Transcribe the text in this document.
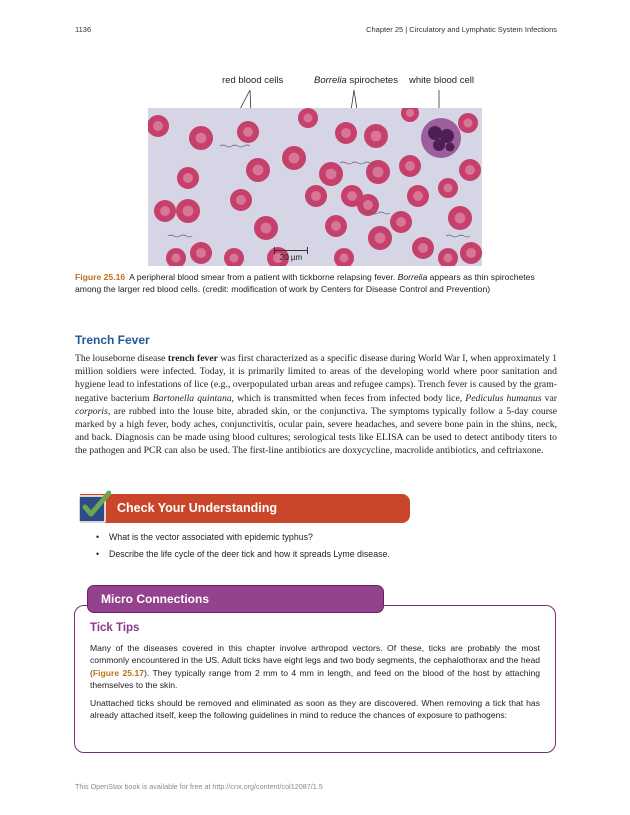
1136	Chapter 25 | Circulatory and Lymphatic System Infections
red blood cells	Borrelia spirochetes white blood cell
20 µm

Figure 25.16 A peripheral blood smear from a patient with tickborne relapsing fever. Borrelia appears as thin spirochetes among the larger red blood cells. (credit: modification of work by Centers for Disease Control and Prevention)

Trench Fever

The louseborne disease trench fever was first characterized as a specific disease during World War I, when approximately 1 million soldiers were infected. Today, it is primarily limited to areas of the developing world where poor sanitation and hygiene lead to infestations of lice (e.g., overpopulated urban areas and refugee camps). Trench fever is caused by the gram-negative bacterium Bartonella quintana, which is transmitted when feces from infected body lice, Pediculus humanus var corporis, are rubbed into the louse bite, abraded skin, or the conjunctiva. The symptoms typically follow a 5-day course marked by a high fever, body aches, conjunctivitis, ocular pain, severe headaches, and severe bone pain in the shins, neck, and back. Diagnosis can be made using blood cultures; serological tests like ELISA can be used to detect antibody titers to the pathogen and PCR can also be used. The first-line antibiotics are doxycycline, macrolide antibiotics, and ceftriaxone.

Check Your Understanding
• What is the vector associated with epidemic typhus?
• Describe the life cycle of the deer tick and how it spreads Lyme disease.
Micro Connections
Tick Tips

Many of the diseases covered in this chapter involve arthropod vectors. Of these, ticks are probably the most commonly encountered in the US. Adult ticks have eight legs and two body segments, the cephalothorax and the head (Figure 25.17). They typically range from 2 mm to 4 mm in length, and feed on the blood of the host by attaching themselves to the skin.

Unattached ticks should be removed and eliminated as soon as they are discovered. When removing a tick that has already attached itself, keep the following guidelines in mind to reduce the chances of exposure to pathogens:

This OpenStax book is available for free at http://cnx.org/content/col12087/1.5
